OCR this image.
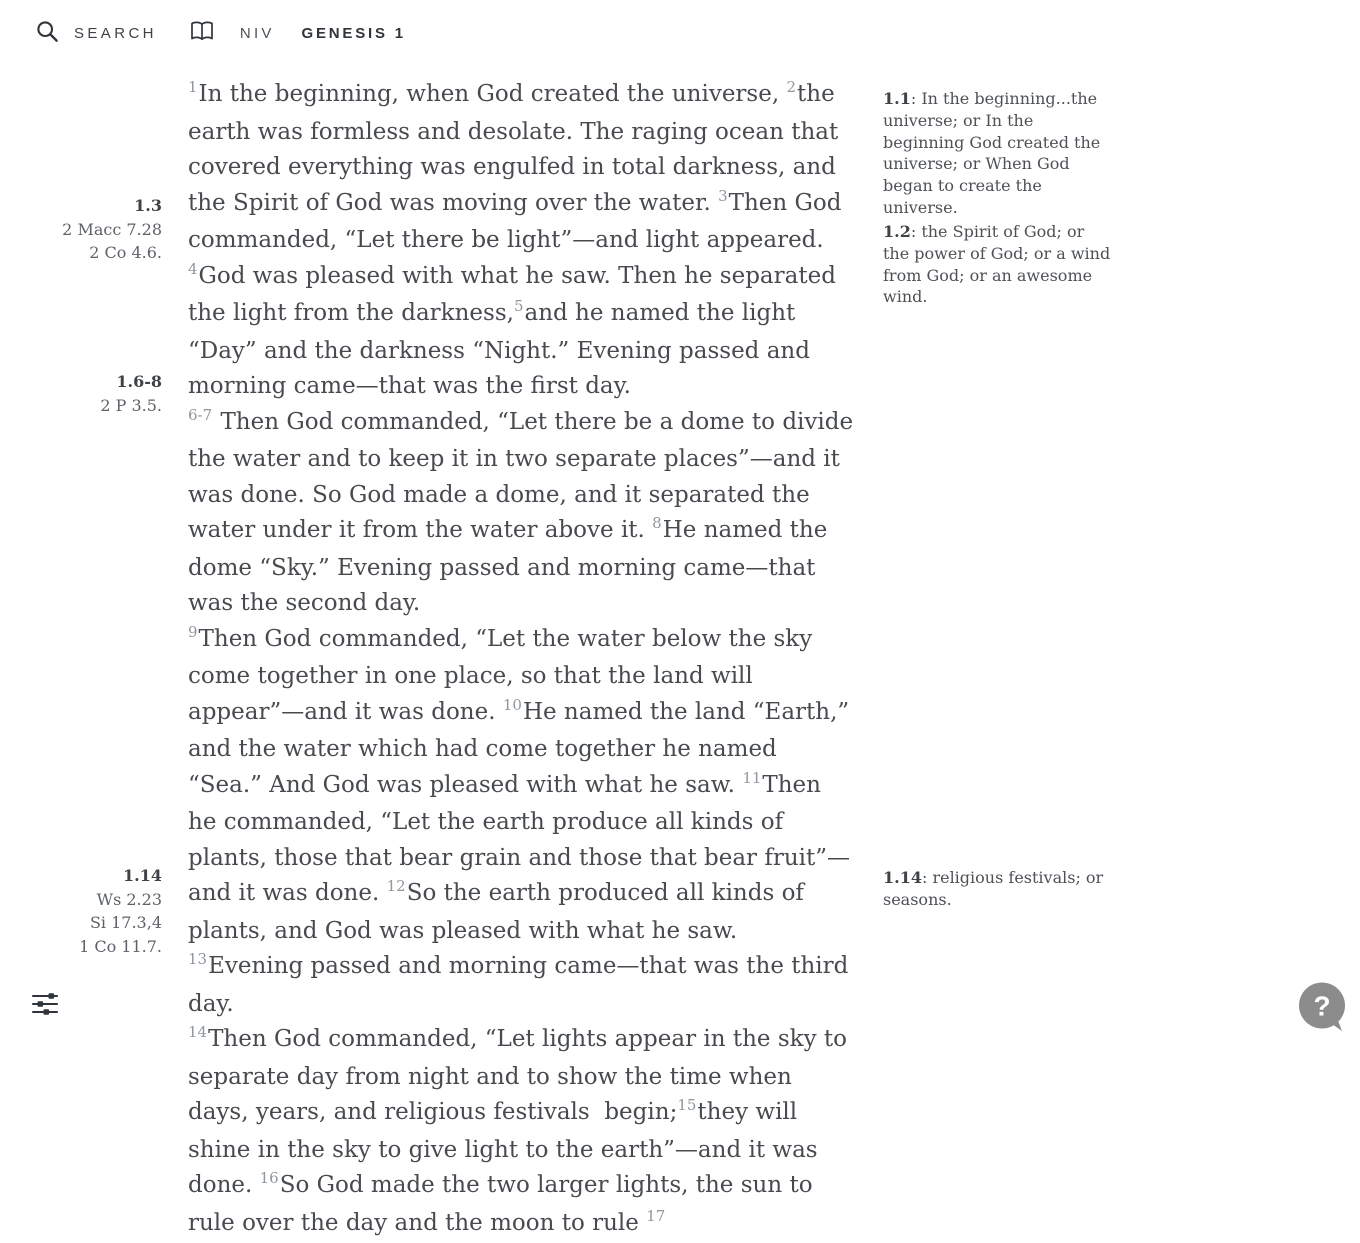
SEARCH	NIV GENESIS 1
1.3
2 Macc 7.28
2 Co 4.6.
1.6-8
2 P 3.5.
1.14
Ws 2.23
Si 17.3,4
1 Co 11.7.

$^1$In the beginning, when God created the universe, $^2$the earth was formless and desolate. The raging ocean that covered everything was engulfed in total darkness, and the Spirit of God was moving over the water. $^3$Then God commanded, “Let there be light”—and light appeared. $^4$God was pleased with what he saw. Then he separated the light from the darkness,$^5$and he named the light “Day” and the darkness “Night.” Evening passed and morning came—that was the first day.

$^{6-7}$ Then God commanded, “Let there be a dome to divide the water and to keep it in two separate places”—and it was done. So God made a dome, and it separated the water under it from the water above it. $^8$He named the dome “Sky.” Evening passed and morning came—that was the second day.

$^9$Then God commanded, “Let the water below the sky come together in one place, so that the land will appear”—and it was done. $^{10}$He named the land “Earth,” and the water which had come together he named “Sea.” And God was pleased with what he saw. $^{11}$Then he commanded, “Let the earth produce all kinds of plants, those that bear grain and those that bear fruit”—and it was done. $^{12}$So the earth produced all kinds of plants, and God was pleased with what he saw. $^{13}$Evening passed and morning came—that was the third day.

$^{14}$Then God commanded, “Let lights appear in the sky to separate day from night and to show the time when days, years, and religious festivals  begin;$^{15}$they will shine in the sky to give light to the earth”—and it was done. $^{16}$So God made the two larger lights, the sun to rule over the day and the moon to rule $^{17}$

1.1: In the beginning...the universe; or In the beginning God created the universe; or When God began to create the universe.
1.2: the Spirit of God; or the power of God; or a wind from God; or an awesome wind.
1.14: religious festivals; or seasons.
?
